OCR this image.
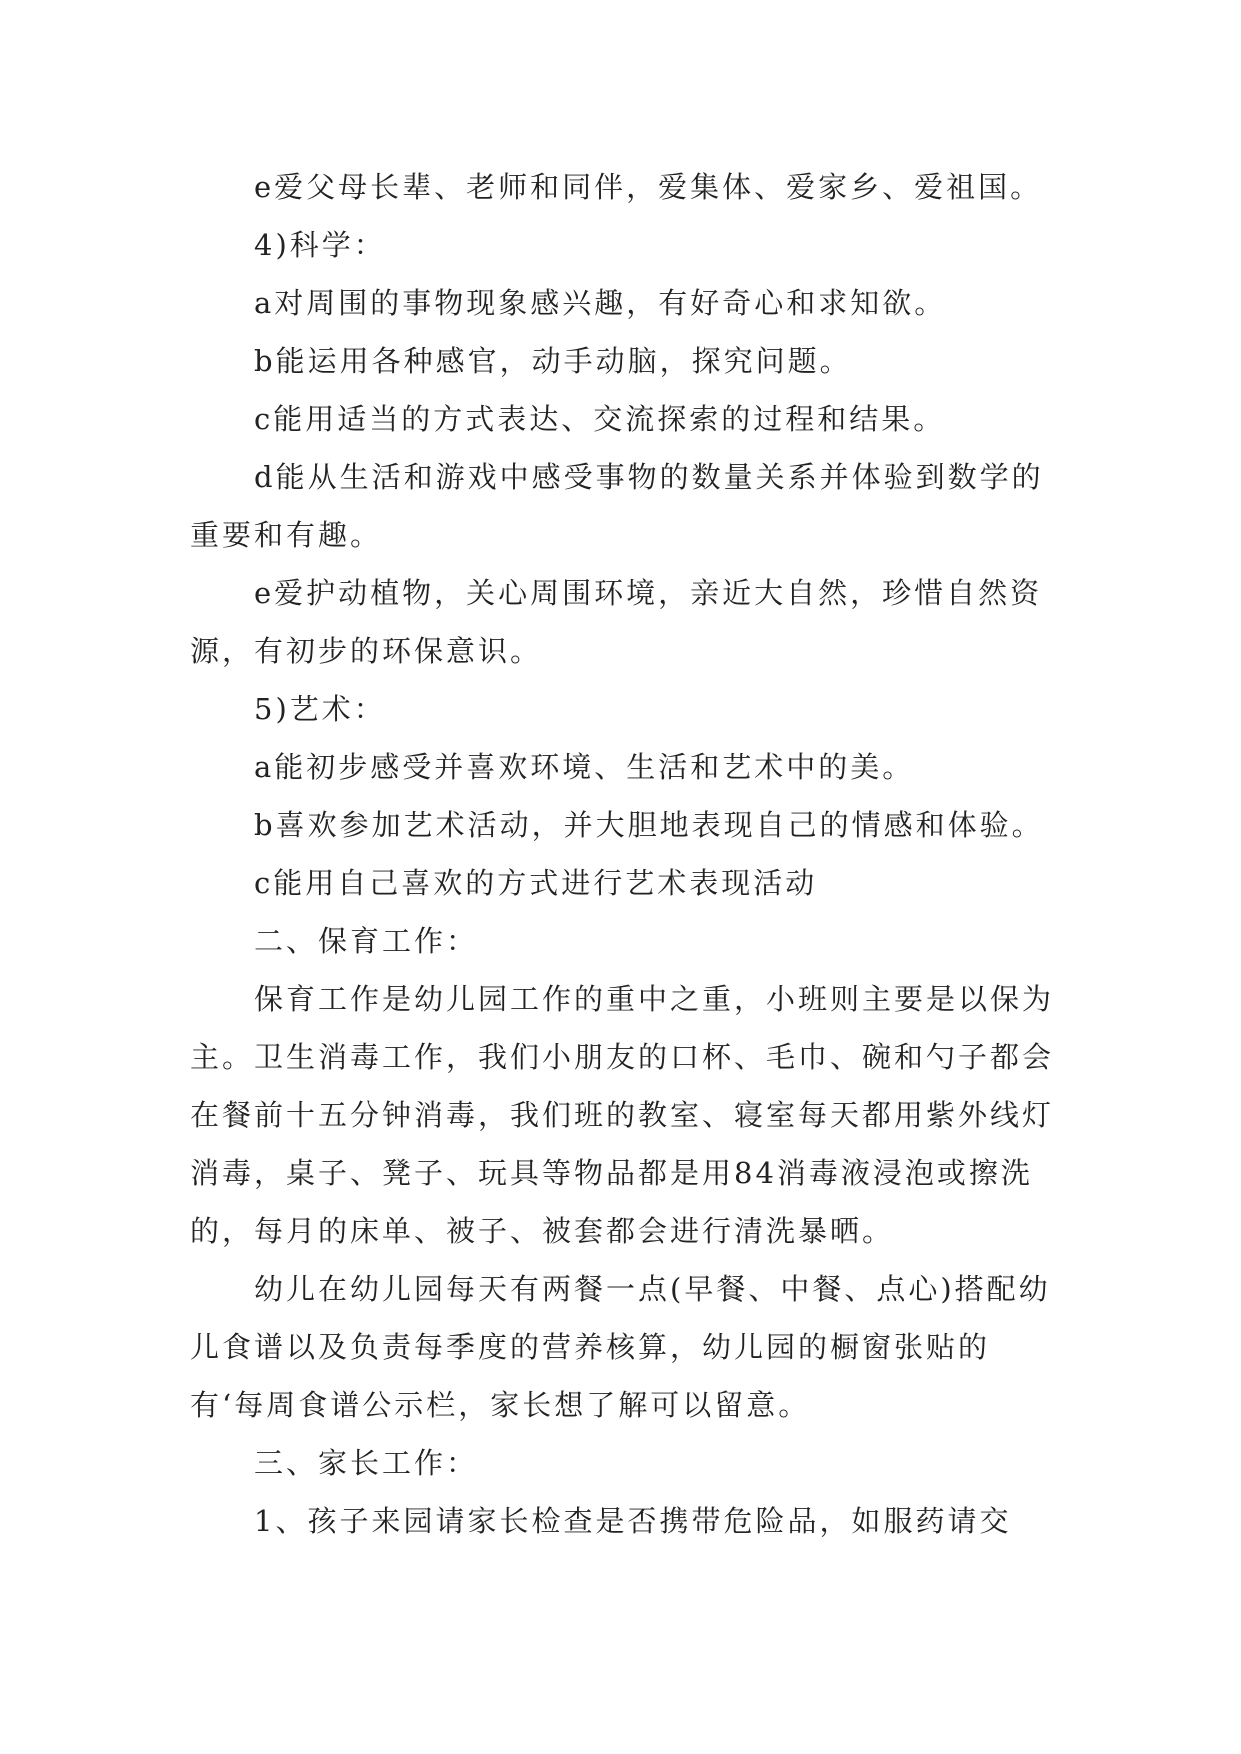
e爱父母长辈、老师和同伴，爱集体、爱家乡、爱祖国。

4)科学：

a对周围的事物现象感兴趣，有好奇心和求知欲。

b能运用各种感官，动手动脑，探究问题。

c能用适当的方式表达、交流探索的过程和结果。

d能从生活和游戏中感受事物的数量关系并体验到数学的重要和有趣。

e爱护动植物，关心周围环境，亲近大自然，珍惜自然资源，有初步的环保意识。

5)艺术：

a能初步感受并喜欢环境、生活和艺术中的美。

b喜欢参加艺术活动，并大胆地表现自己的情感和体验。

c能用自己喜欢的方式进行艺术表现活动

二、保育工作：

保育工作是幼儿园工作的重中之重，小班则主要是以保为主。卫生消毒工作，我们小朋友的口杯、毛巾、碗和勺子都会在餐前十五分钟消毒，我们班的教室、寝室每天都用紫外线灯消毒，桌子、凳子、玩具等物品都是用84消毒液浸泡或擦洗的，每月的床单、被子、被套都会进行清洗暴晒。

幼儿在幼儿园每天有两餐一点(早餐、中餐、点心)搭配幼儿食谱以及负责每季度的营养核算，幼儿园的橱窗张贴的有‘每周食谱公示栏，家长想了解可以留意。

三、家长工作：

1、孩子来园请家长检查是否携带危险品，如服药请交
